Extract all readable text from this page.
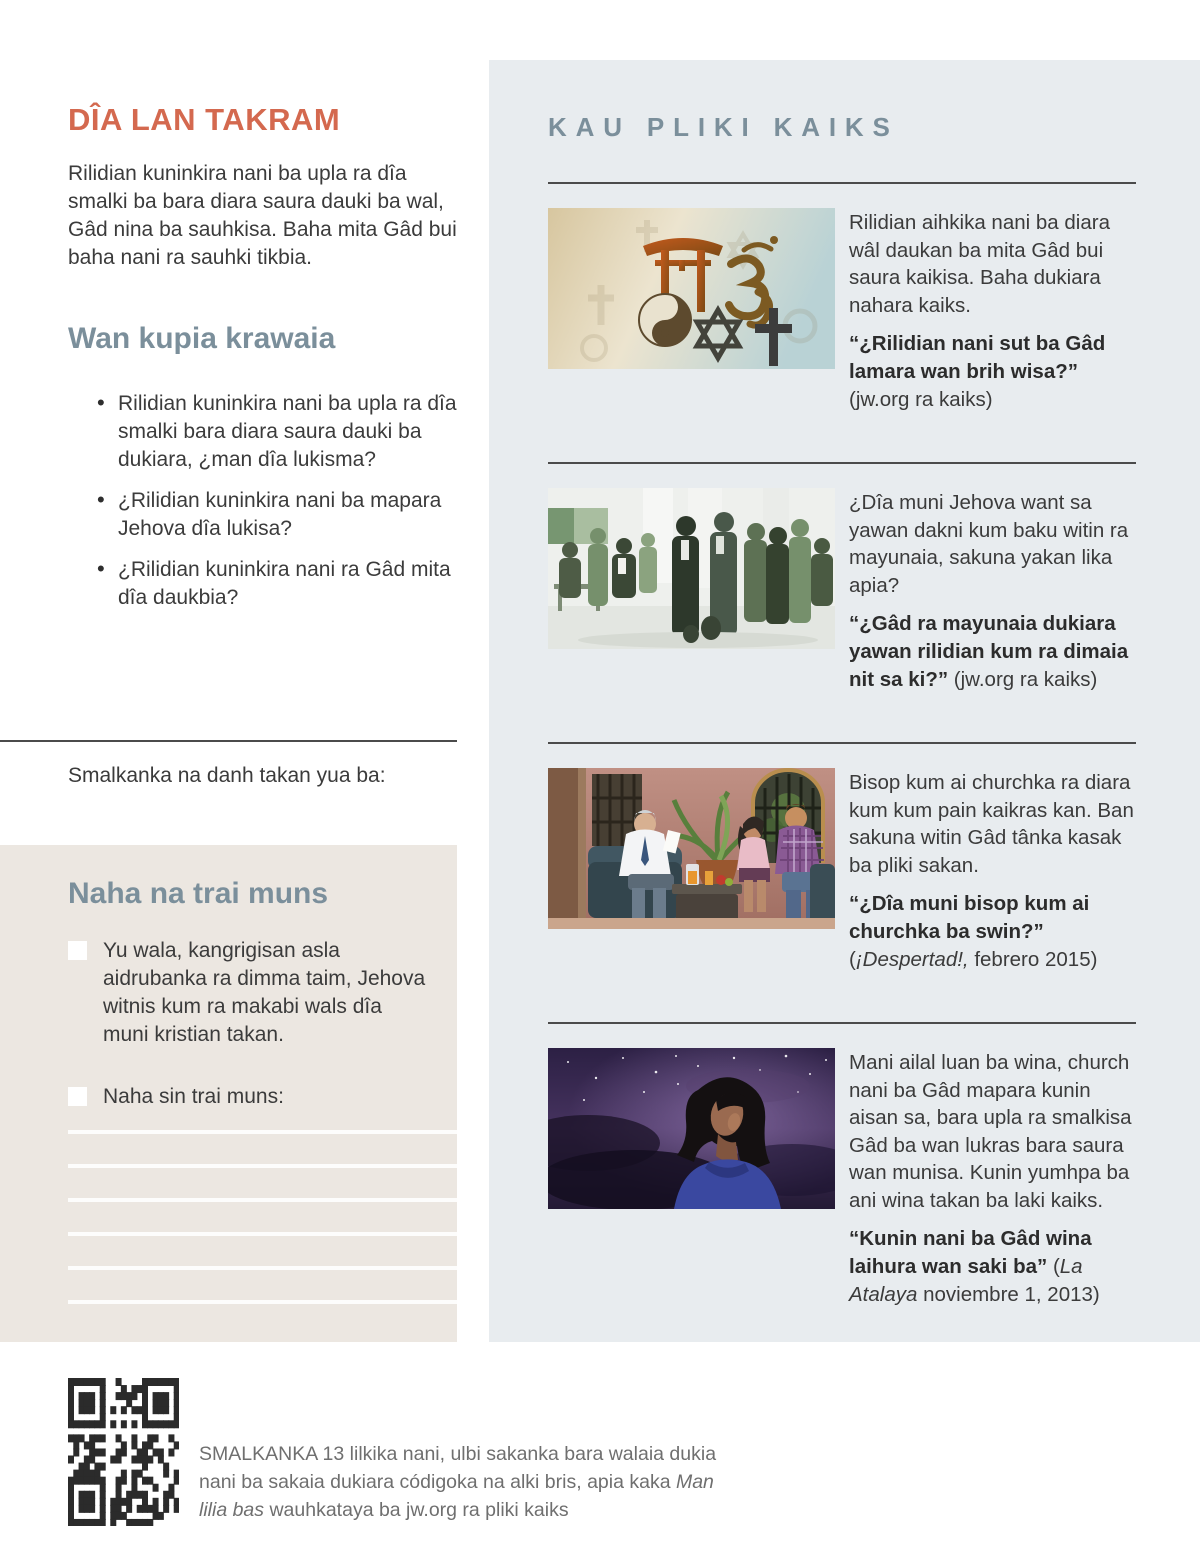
DÎA LAN TAKRAM

Rilidian kuninkira nani ba upla ra dîa smalki ba bara diara saura dauki ba wal, Gâd nina ba sauhkisa. Baha mita Gâd bui baha nani ra sauhki tikbia.

Wan kupia krawaia
• Rilidian kuninkira nani ba upla ra dîa smalki bara diara saura dauki ba dukiara, ¿man dîa lukisma?
• ¿Rilidian kuninkira nani ba mapara Jehova dîa lukisa?
• ¿Rilidian kuninkira nani ra Gâd mita dîa daukbia?

Smalkanka na danh takan yua ba:

Naha na trai muns

Yu wala, kangrigisan asla aidrubanka ra dimma taim, Jehova witnis kum ra makabi wals dîa muni kristian takan.

Naha sin trai muns:

KAU PLIKI KAIKS

Rilidian aihkika nani ba diara wâl daukan ba mita Gâd bui saura kaikisa. Baha dukiara nahara kaiks.

“¿Rilidian nani sut ba Gâd lamara wan brih wisa?” (jw.org ra kaiks)

¿Dîa muni Jehova want sa yawan dakni kum baku witin ra mayunaia, sakuna yakan lika apia?

“¿Gâd ra mayunaia dukiara yawan rilidian kum ra dimaia nit sa ki?” (jw.org ra kaiks)

Bisop kum ai churchka ra diara kum kum pain kaikras kan. Ban sakuna witin Gâd tânka kasak ba pliki sakan.

“¿Dîa muni bisop kum ai churchka ba swin?” (¡Despertad!, febrero 2015)

Mani ailal luan ba wina, church nani ba Gâd mapara kunin aisan sa, bara upla ra smalkisa Gâd ba wan lukras bara saura wan munisa. Kunin yumhpa ba ani wina takan ba laki kaiks.

“Kunin nani ba Gâd wina laihura wan saki ba” (La Atalaya noviembre 1, 2013)

SMALKANKA 13 lilkika nani, ulbi sakanka bara walaia dukia nani ba sakaia dukiara códigoka na alki bris, apia kaka Man lilia bas wauhkataya ba jw.org ra pliki kaiks
